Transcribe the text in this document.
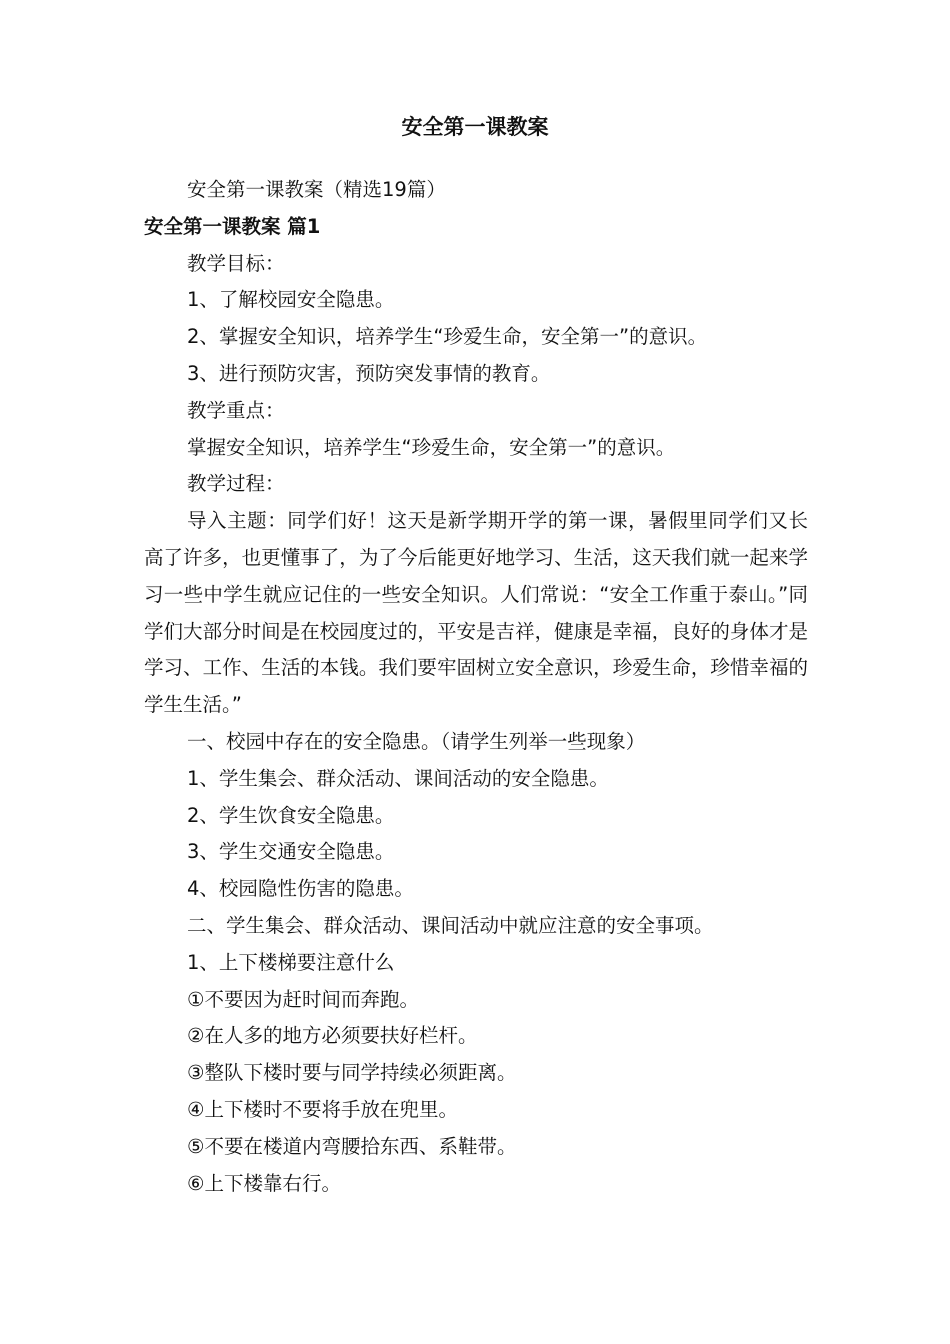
安全第一课教案

安全第一课教案（精选19篇）

安全第一课教案 篇1

教学目标：

1、了解校园安全隐患。

2、掌握安全知识，培养学生“珍爱生命，安全第一”的意识。

3、进行预防灾害，预防突发事情的教育。

教学重点：

掌握安全知识，培养学生“珍爱生命，安全第一”的意识。

教学过程：

导入主题：同学们好！这天是新学期开学的第一课，暑假里同学们又长高了许多，也更懂事了，为了今后能更好地学习、生活，这天我们就一起来学习一些中学生就应记住的一些安全知识。人们常说：“安全工作重于泰山。”同学们大部分时间是在校园度过的，平安是吉祥，健康是幸福，良好的身体才是学习、工作、生活的本钱。我们要牢固树立安全意识，珍爱生命，珍惜幸福的学生生活。”

一、校园中存在的安全隐患。（请学生列举一些现象）

1、学生集会、群众活动、课间活动的安全隐患。

2、学生饮食安全隐患。

3、学生交通安全隐患。

4、校园隐性伤害的隐患。

二、学生集会、群众活动、课间活动中就应注意的安全事项。

1、上下楼梯要注意什么

①不要因为赶时间而奔跑。

②在人多的地方必须要扶好栏杆。

③整队下楼时要与同学持续必须距离。

④上下楼时不要将手放在兜里。

⑤不要在楼道内弯腰拾东西、系鞋带。

⑥上下楼靠右行。
